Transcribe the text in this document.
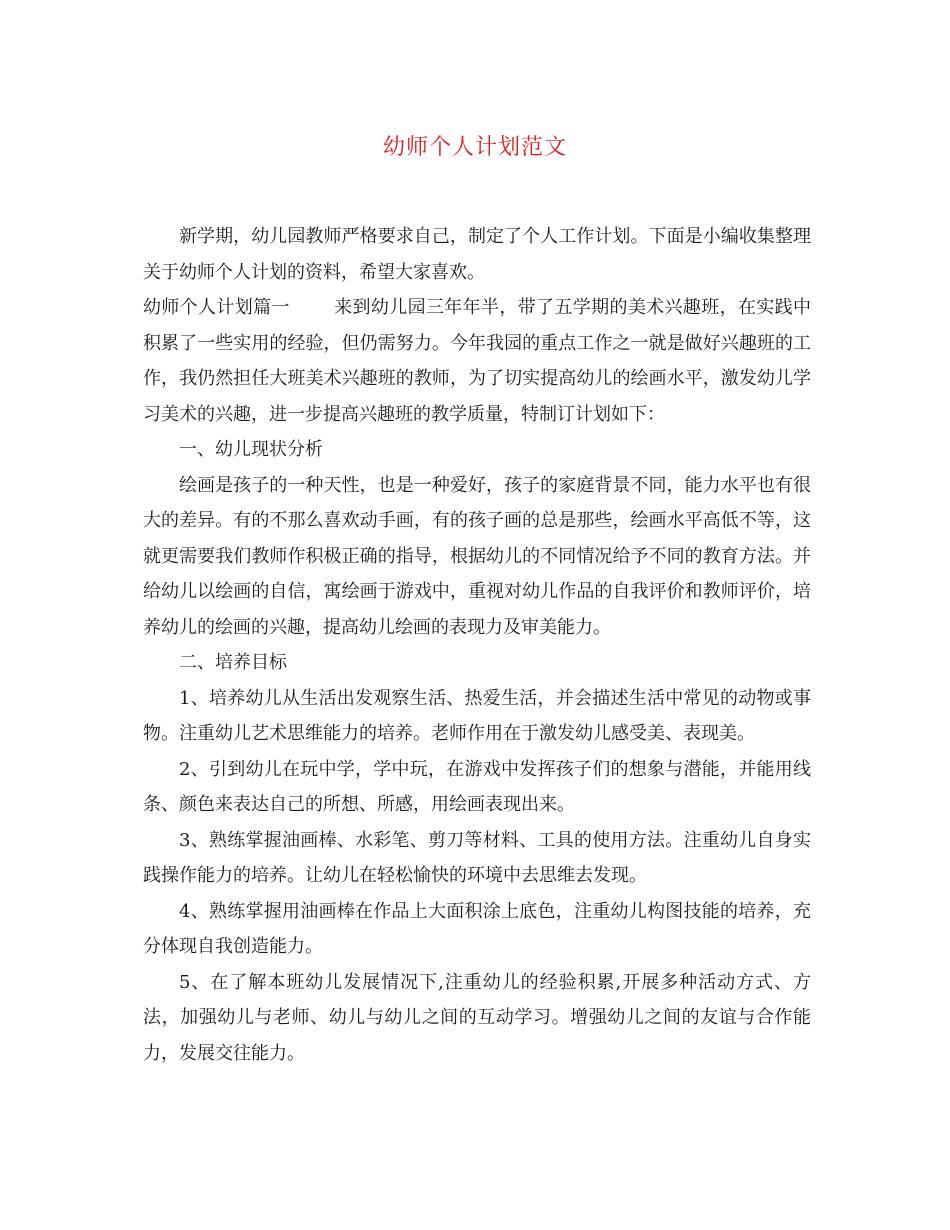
幼师个人计划范文

新学期，幼儿园教师严格要求自己，制定了个人工作计划。下面是小编收集整理关于幼师个人计划的资料，希望大家喜欢。

幼师个人计划篇一 来到幼儿园三年年半，带了五学期的美术兴趣班，在实践中积累了一些实用的经验，但仍需努力。今年我园的重点工作之一就是做好兴趣班的工作，我仍然担任大班美术兴趣班的教师，为了切实提高幼儿的绘画水平，激发幼儿学习美术的兴趣，进一步提高兴趣班的教学质量，特制订计划如下：

一、幼儿现状分析

绘画是孩子的一种天性，也是一种爱好，孩子的家庭背景不同，能力水平也有很大的差异。有的不那么喜欢动手画，有的孩子画的总是那些，绘画水平高低不等，这就更需要我们教师作积极正确的指导，根据幼儿的不同情况给予不同的教育方法。并给幼儿以绘画的自信，寓绘画于游戏中，重视对幼儿作品的自我评价和教师评价，培养幼儿的绘画的兴趣，提高幼儿绘画的表现力及审美能力。

二、培养目标

1、培养幼儿从生活出发观察生活、热爱生活，并会描述生活中常见的动物或事物。注重幼儿艺术思维能力的培养。老师作用在于激发幼儿感受美、表现美。

2、引到幼儿在玩中学，学中玩，在游戏中发挥孩子们的想象与潜能，并能用线条、颜色来表达自己的所想、所感，用绘画表现出来。

3、熟练掌握油画棒、水彩笔、剪刀等材料、工具的使用方法。注重幼儿自身实践操作能力的培养。让幼儿在轻松愉快的环境中去思维去发现。

4、熟练掌握用油画棒在作品上大面积涂上底色，注重幼儿构图技能的培养，充分体现自我创造能力。

5、在了解本班幼儿发展情况下,注重幼儿的经验积累,开展多种活动方式、方法，加强幼儿与老师、幼儿与幼儿之间的互动学习。增强幼儿之间的友谊与合作能力，发展交往能力。
